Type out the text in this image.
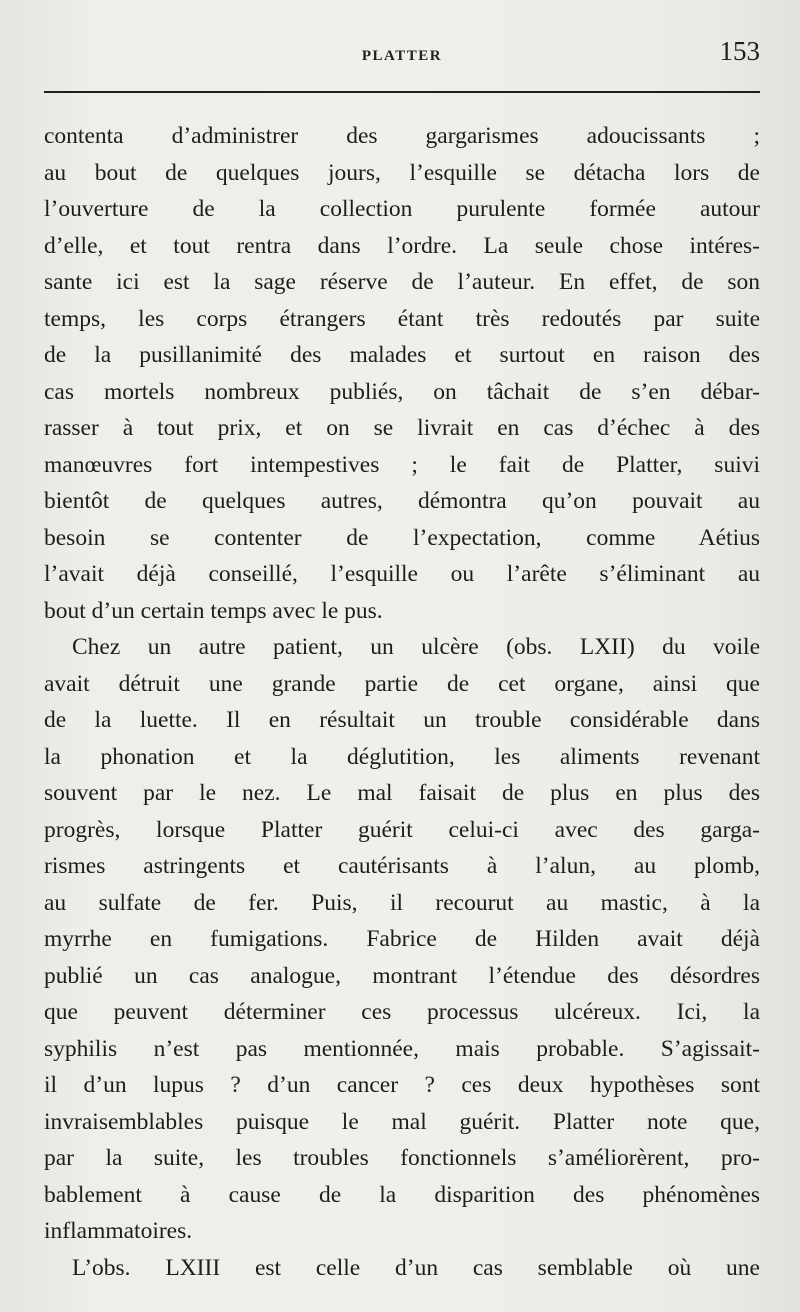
PLATTER	153
contenta d’administrer des gargarismes adoucissants ;
au bout de quelques jours, l’esquille se détacha lors de
l’ouverture de la collection purulente formée autour
d’elle, et tout rentra dans l’ordre. La seule chose intéres-
sante ici est la sage réserve de l’auteur. En effet, de son
temps, les corps étrangers étant très redoutés par suite
de la pusillanimité des malades et surtout en raison des
cas mortels nombreux publiés, on tâchait de s’en débar-
rasser à tout prix, et on se livrait en cas d’échec à des
manœuvres fort intempestives ; le fait de Platter, suivi
bientôt de quelques autres, démontra qu’on pouvait au
besoin se contenter de l’expectation, comme Aétius
l’avait déjà conseillé, l’esquille ou l’arête s’éliminant au
bout d’un certain temps avec le pus.
Chez un autre patient, un ulcère (obs. LXII) du voile
avait détruit une grande partie de cet organe, ainsi que
de la luette. Il en résultait un trouble considérable dans
la phonation et la déglutition, les aliments revenant
souvent par le nez. Le mal faisait de plus en plus des
progrès, lorsque Platter guérit celui-ci avec des garga-
rismes astringents et cautérisants à l’alun, au plomb,
au sulfate de fer. Puis, il recourut au mastic, à la
myrrhe en fumigations. Fabrice de Hilden avait déjà
publié un cas analogue, montrant l’étendue des désordres
que peuvent déterminer ces processus ulcéreux. Ici, la
syphilis n’est pas mentionnée, mais probable. S’agissait-
il d’un lupus ? d’un cancer ? ces deux hypothèses sont
invraisemblables puisque le mal guérit. Platter note que,
par la suite, les troubles fonctionnels s’améliorèrent, pro-
bablement à cause de la disparition des phénomènes
inflammatoires.
L’obs. LXIII est celle d’un cas semblable où une
